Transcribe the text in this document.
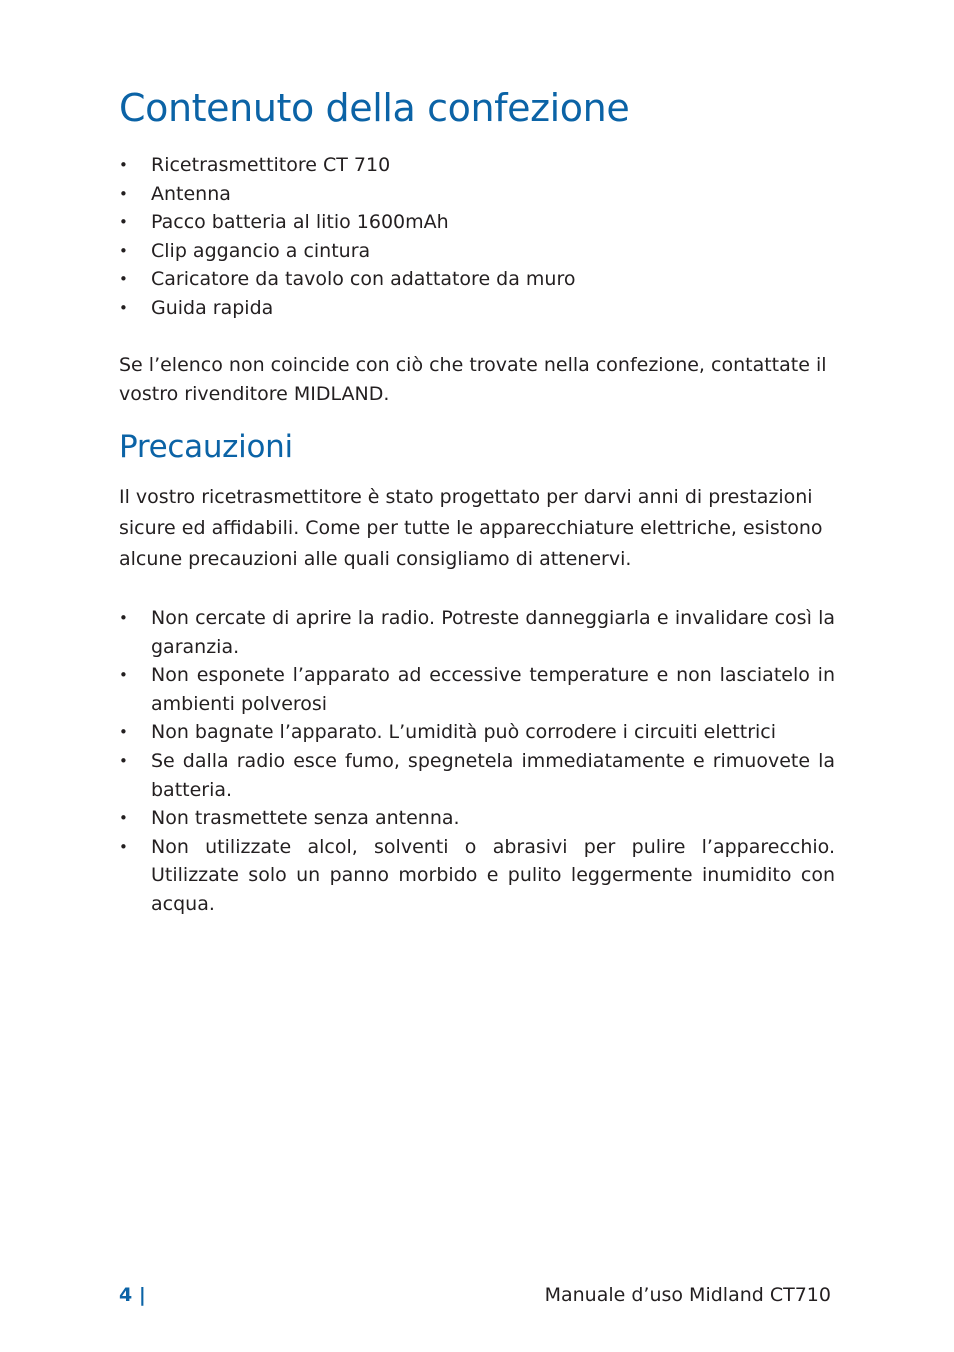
Contenuto della confezione
• Ricetrasmettitore CT 710
• Antenna
• Pacco batteria al litio 1600mAh
• Clip aggancio a cintura
• Caricatore da tavolo con adattatore da muro
• Guida rapida

Se l’elenco non coincide con ciò che trovate nella confezione, contattate il vostro rivenditore MIDLAND.

Precauzioni

Il vostro ricetrasmettitore è stato progettato per darvi anni di prestazioni sicure ed affidabili. Come per tutte le apparecchiature elettriche, esistono alcune precauzioni alle quali consigliamo di attenervi.

• Non cercate di aprire la radio. Potreste danneggiarla e invalidare così la garanzia.
• Non esponete l’apparato ad eccessive temperature e non lasciatelo in ambienti polverosi
• Non bagnate l’apparato. L’umidità può corrodere i circuiti elettrici
• Se dalla radio esce fumo, spegnetela immediatamente e rimuovete la batteria.
• Non trasmettete senza antenna.
• Non utilizzate alcol, solventi o abrasivi per pulire l’apparecchio. Utilizzate solo un panno morbido e pulito leggermente inumidito con acqua.
4 |	Manuale d’uso Midland CT710
